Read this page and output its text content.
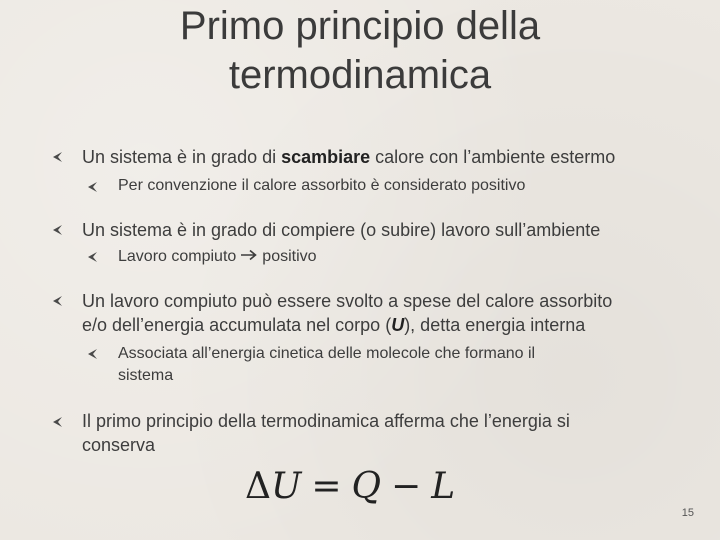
Primo principio della
termodinamica
Un sistema è in grado di scambiare calore con l’ambiente estermo
Per convenzione il calore assorbito è considerato positivo
Un sistema è in grado di compiere (o subire) lavoro sull’ambiente
Lavoro compiuto positivo
Un lavoro compiuto può essere svolto a spese del calore assorbito
e/o dell’energia accumulata nel corpo (U), detta energia interna
Associata all’energia cinetica delle molecole che formano il
sistema
Il primo principio della termodinamica afferma che l’energia si
conserva
ΔU = Q − L
15
